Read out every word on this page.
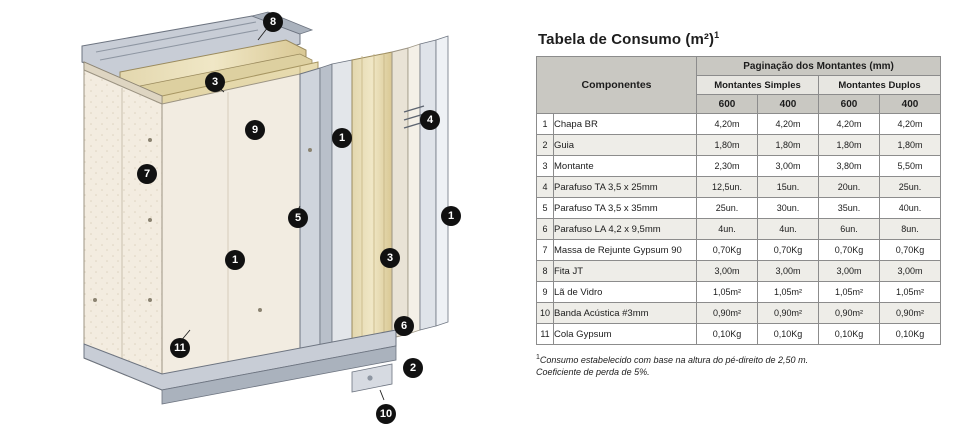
8
3
9
1
4
7
5	1
3
1
6
11
2
10
Tabela de Consumo $(m^2)^1$
Componentes		Paginação dos Montantes (mm)			
		Montantes Simples		Montantes Duplos	
		600	400	600	400
1	Chapa BR	4,20m	4,20m	4,20m	4,20m
2	Guia	1,80m	1,80m	1,80m	1,80m
3	Montante	2,30m	3,00m	3,80m	5,50m
4	Parafuso TA 3,5 x 25mm	12,5un.	15un.	20un.	25un.
5	Parafuso TA 3,5 x 35mm	25un.	30un.	35un.	40un.
6	Parafuso LA 4,2 x 9,5mm	4un.	4un.	6un.	8un.
7	Massa de Rejunte Gypsum 90	0,70Kg	0,70Kg	0,70Kg	0,70Kg
8	Fita JT	3,00m	3,00m	3,00m	3,00m
9	Lã de Vidro	1,05m²	1,05m²	1,05m²	1,05m²
10	Banda Acústica #3mm	0,90m²	0,90m²	0,90m²	0,90m²
11	Cola Gypsum	0,10Kg	0,10Kg	0,10Kg	0,10Kg
$^1$Consumo estabelecido com base na altura do pé-direito de 2,50 m.
Coeficiente de perda de 5%.
